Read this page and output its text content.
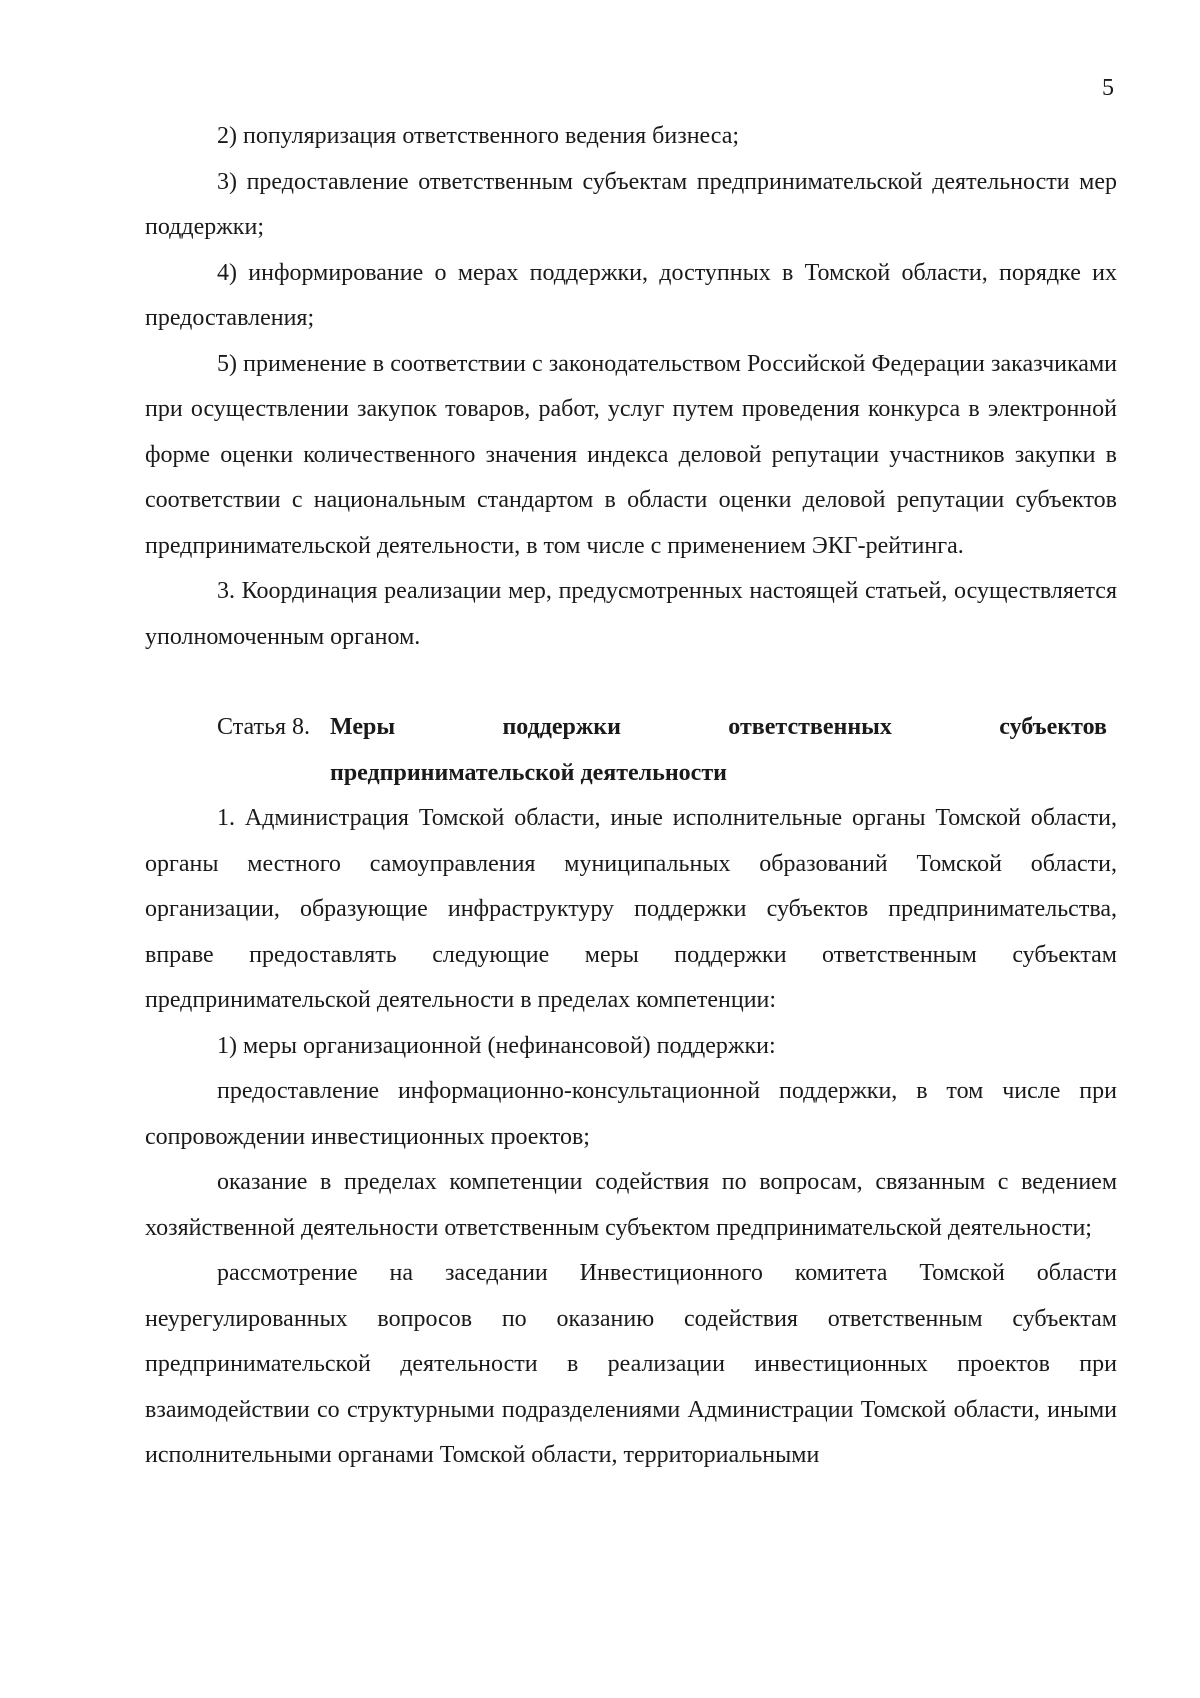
5

2) популяризация ответственного ведения бизнеса;

3) предоставление ответственным субъектам предпринимательской деятельности мер поддержки;

4) информирование о мерах поддержки, доступных в Томской области, порядке их предоставления;

5) применение в соответствии с законодательством Российской Федерации заказчиками при осуществлении закупок товаров, работ, услуг путем проведения конкурса в электронной форме оценки количественного значения индекса деловой репутации участников закупки в соответствии с национальным стандартом в области оценки деловой репутации субъектов предпринимательской деятельности, в том числе с применением ЭКГ-рейтинга.

3. Координация реализации мер, предусмотренных настоящей статьей, осуществляется уполномоченным органом.

Статья 8. Меры поддержки ответственных субъектов
предпринимательской деятельности

1. Администрация Томской области, иные исполнительные органы Томской области, органы местного самоуправления муниципальных образований Томской области, организации, образующие инфраструктуру поддержки субъектов предпринимательства, вправе предоставлять следующие меры поддержки ответственным субъектам предпринимательской деятельности в пределах компетенции:

1) меры организационной (нефинансовой) поддержки:

предоставление информационно-консультационной поддержки, в том числе при сопровождении инвестиционных проектов;

оказание в пределах компетенции содействия по вопросам, связанным с ведением хозяйственной деятельности ответственным субъектом предпринимательской деятельности;

рассмотрение на заседании Инвестиционного комитета Томской области неурегулированных вопросов по оказанию содействия ответственным субъектам предпринимательской деятельности в реализации инвестиционных проектов при взаимодействии со структурными подразделениями Администрации Томской области, иными исполнительными органами Томской области, территориальными
